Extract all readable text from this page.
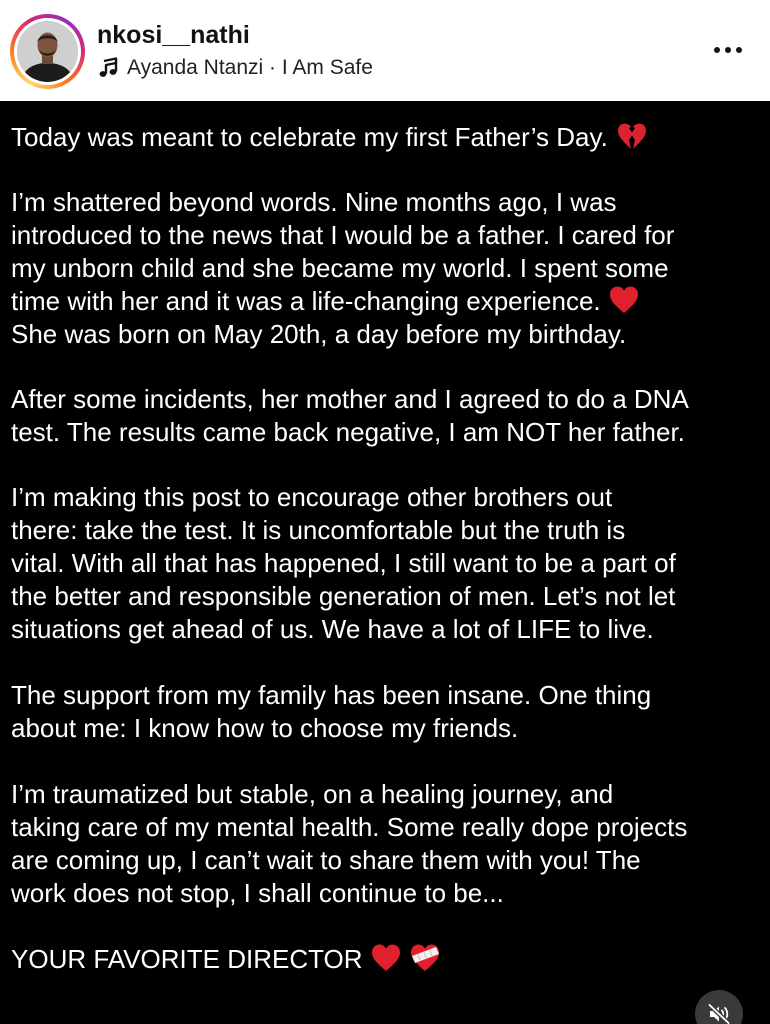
nkosi__nathi
Ayanda Ntanzi · I Am Safe
Today was meant to celebrate my first Father’s Day.
I’m shattered beyond words. Nine months ago, I was
introduced to the news that I would be a father. I cared for
my unborn child and she became my world. I spent some
time with her and it was a life-changing experience.
She was born on May 20th, a day before my birthday.
After some incidents, her mother and I agreed to do a DNA
test. The results came back negative, I am NOT her father.
I’m making this post to encourage other brothers out
there: take the test. It is uncomfortable but the truth is
vital. With all that has happened, I still want to be a part of
the better and responsible generation of men. Let’s not let
situations get ahead of us. We have a lot of LIFE to live.
The support from my family has been insane. One thing
about me: I know how to choose my friends.
I’m traumatized but stable, on a healing journey, and
taking care of my mental health. Some really dope projects
are coming up, I can’t wait to share them with you! The
work does not stop, I shall continue to be...
YOUR FAVORITE DIRECTOR
